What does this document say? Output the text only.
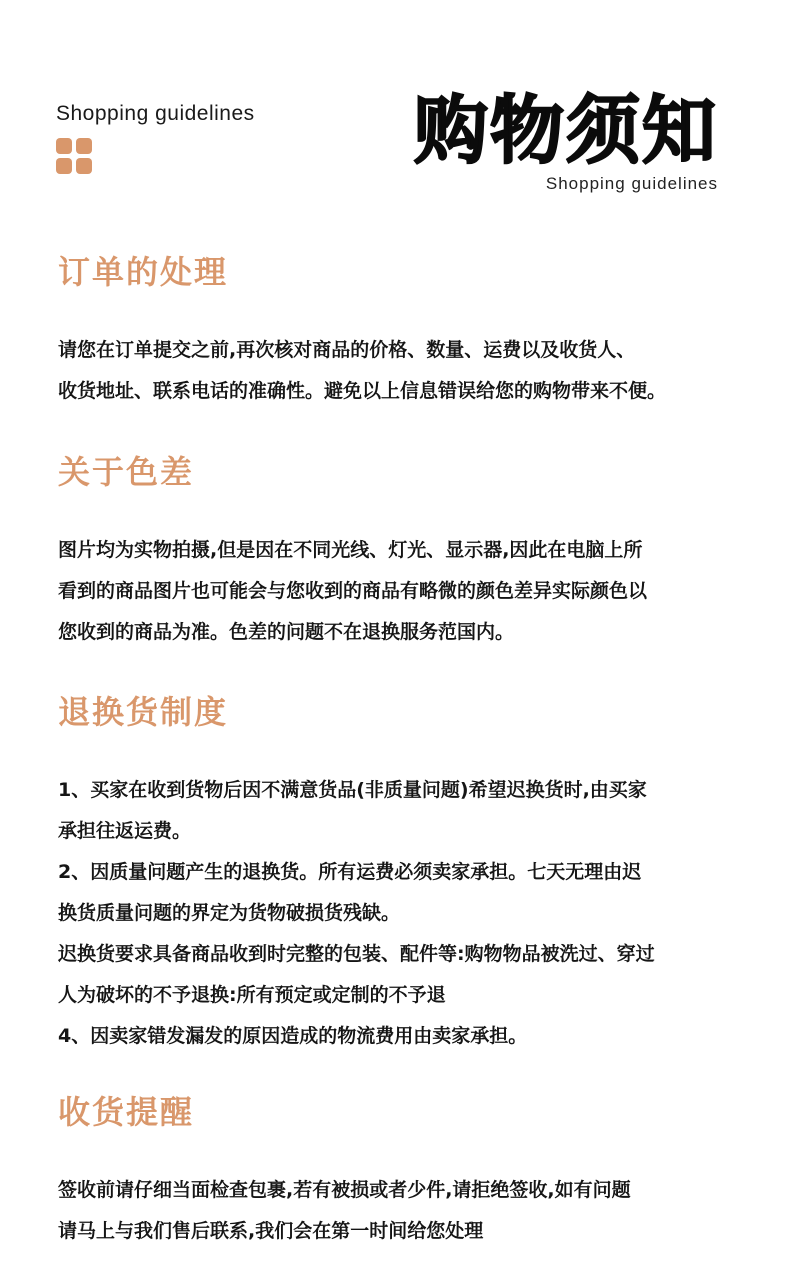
Shopping guidelines 购物须知
Shopping guidelines
订单的处理

请您在订单提交之前,再次核对商品的价格、数量、运费以及收货人、

收货地址、联系电话的准确性。避免以上信息错误给您的购物带来不便。

关于色差

图片均为实物拍摄,但是因在不同光线、灯光、显示器,因此在电脑上所

看到的商品图片也可能会与您收到的商品有略微的颜色差异实际颜色以

您收到的商品为准。色差的问题不在退换服务范国内。

退换货制度

1、买家在收到货物后因不满意货品(非质量问题)希望迟换货时,由买家

承担往返运费。

2、因质量问题产生的退换货。所有运费必须卖家承担。七天无理由迟

换货质量问题的界定为货物破损货残缺。

迟换货要求具备商品收到时完整的包装、配件等:购物物品被洗过、穿过

人为破坏的不予退换:所有预定或定制的不予退

4、因卖家错发漏发的原因造成的物流费用由卖家承担。

收货提醒

签收前请仔细当面检查包裹,若有被损或者少件,请拒绝签收,如有问题

请马上与我们售后联系,我们会在第一时间给您处理
